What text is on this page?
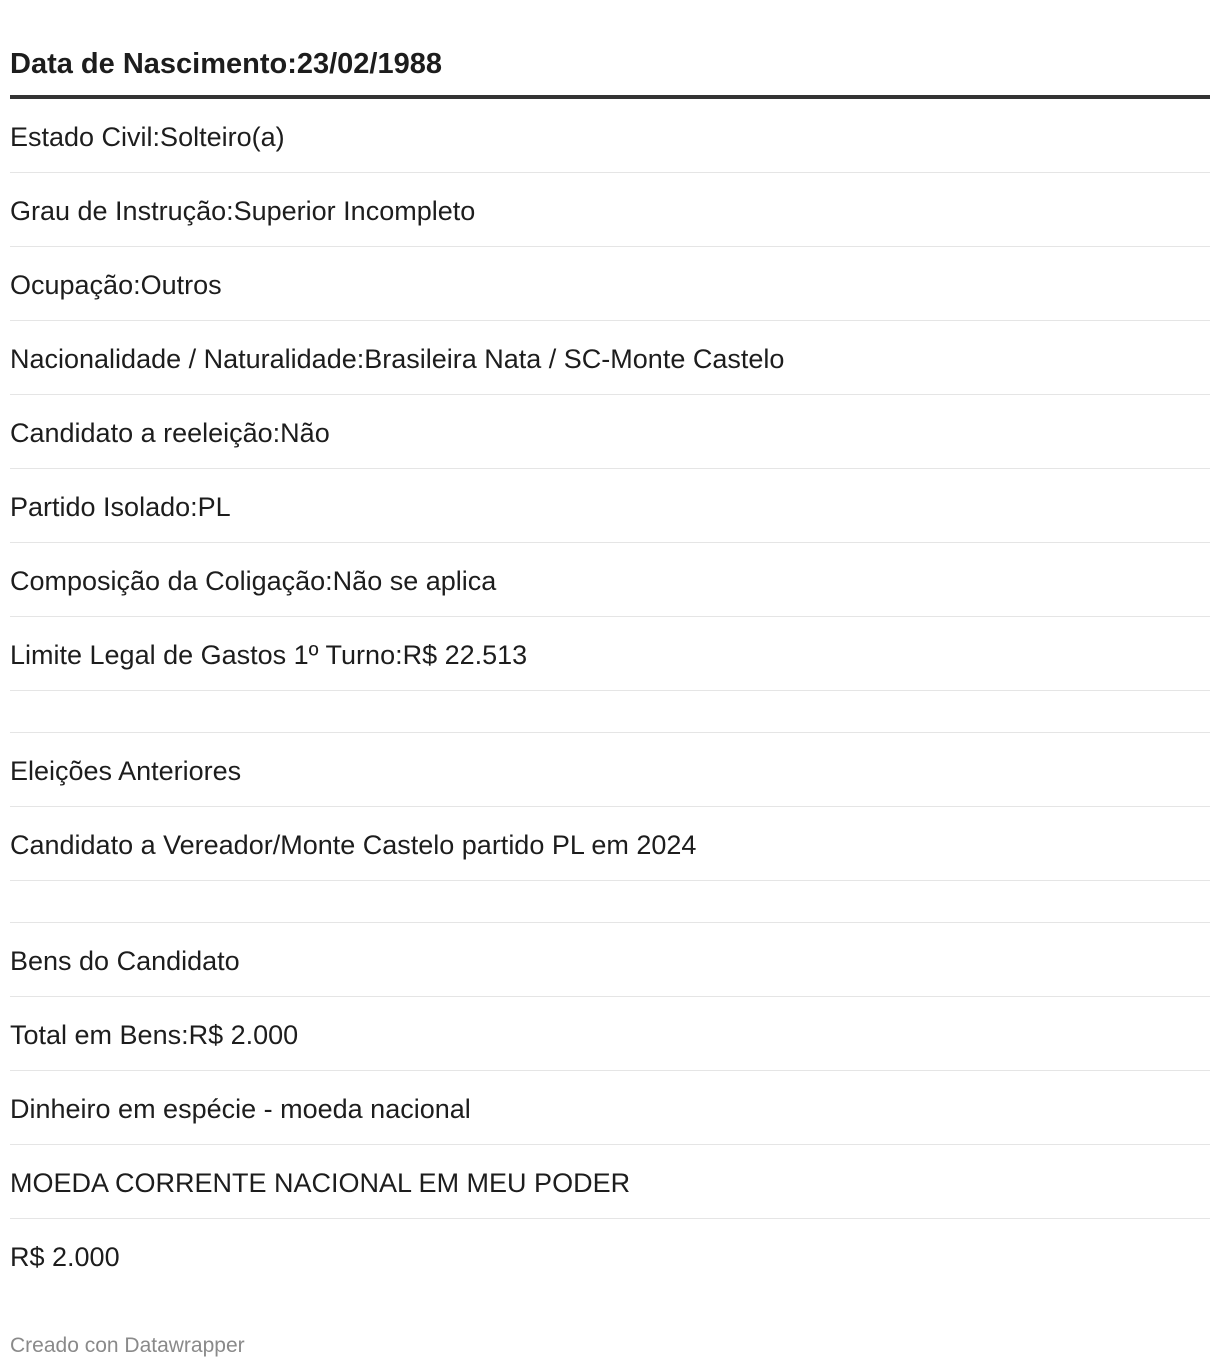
Data de Nascimento:23/02/1988
Estado Civil:Solteiro(a)
Grau de Instrução:Superior Incompleto
Ocupação:Outros
Nacionalidade / Naturalidade:Brasileira Nata / SC-Monte Castelo
Candidato a reeleição:Não
Partido Isolado:PL
Composição da Coligação:Não se aplica
Limite Legal de Gastos 1º Turno:R$ 22.513
Eleições Anteriores
Candidato a Vereador/Monte Castelo partido PL em 2024
Bens do Candidato
Total em Bens:R$ 2.000
Dinheiro em espécie - moeda nacional
MOEDA CORRENTE NACIONAL EM MEU PODER
R$ 2.000
Creado con Datawrapper
